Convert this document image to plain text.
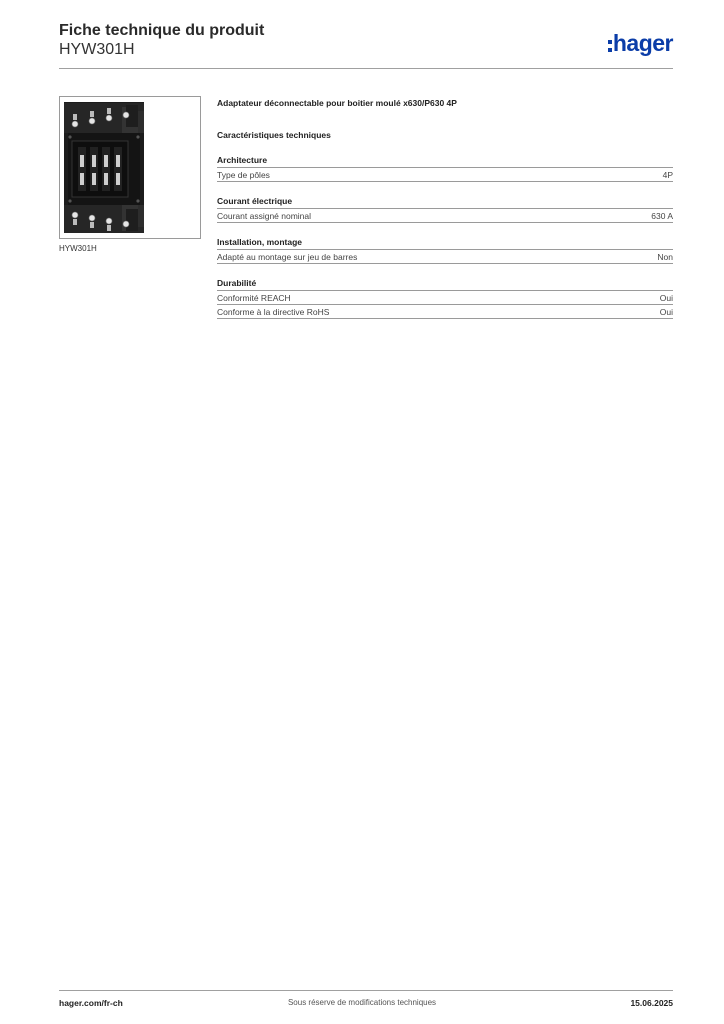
Fiche technique du produit
HYW301H	hager
HYW301H
Adaptateur déconnectable pour boitier moulé x630/P630 4P
Caractéristiques techniques
Architecture
Type de pôles	4P
Courant électrique
Courant assigné nominal	630 A
Installation, montage
Adapté au montage sur jeu de barres	Non
Durabilité
Conformité REACH	Oui
Conforme à la directive RoHS	Oui
hager.com/fr-ch	Sous réserve de modifications techniques	15.06.2025
